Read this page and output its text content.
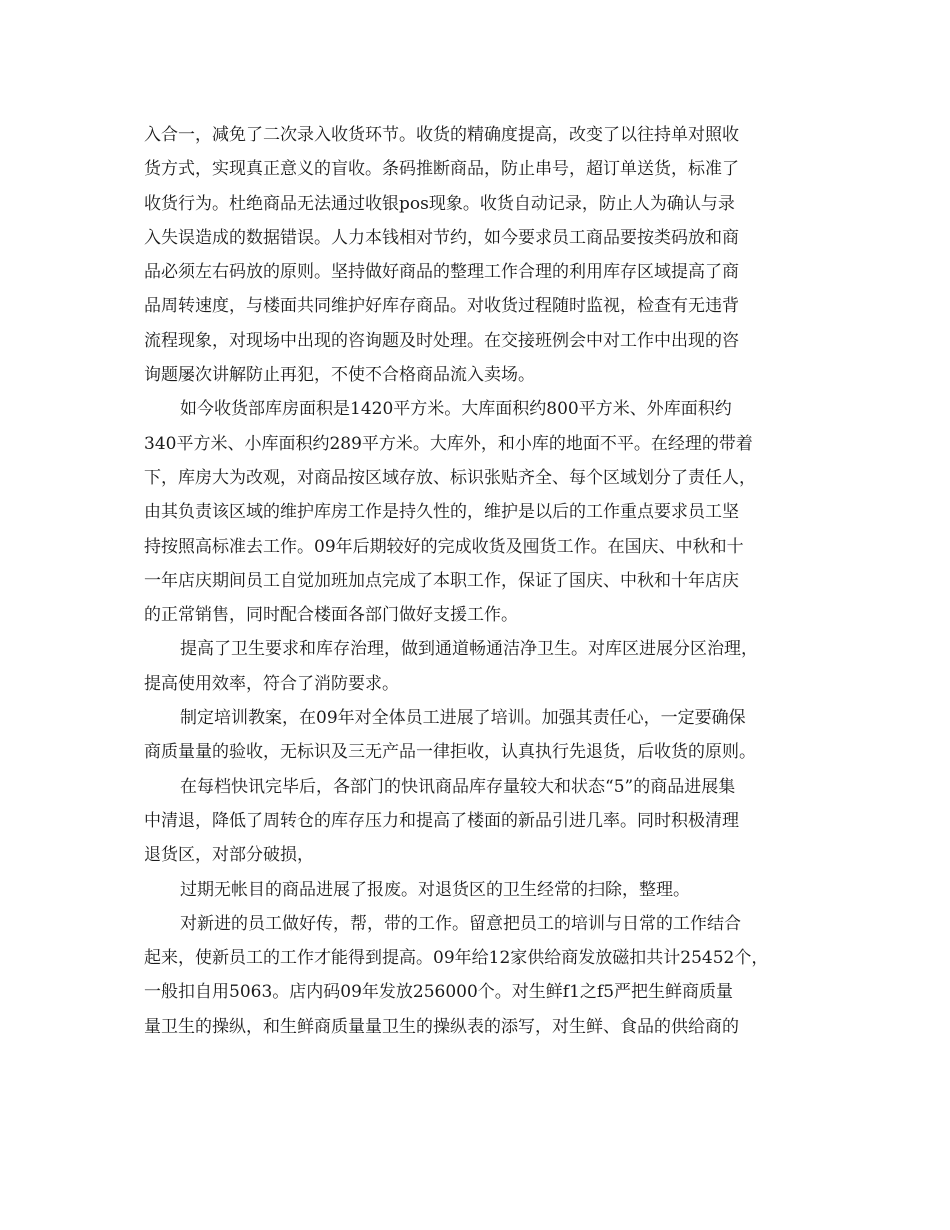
入合一，减免了二次录入收货环节。收货的精确度提高，改变了以往持单对照收
货方式，实现真正意义的盲收。条码推断商品，防止串号，超订单送货，标准了
收货行为。杜绝商品无法通过收银pos现象。收货自动记录，防止人为确认与录
入失误造成的数据错误。人力本钱相对节约，如今要求员工商品要按类码放和商
品必须左右码放的原则。坚持做好商品的整理工作合理的利用库存区域提高了商
品周转速度，与楼面共同维护好库存商品。对收货过程随时监视，检查有无违背
流程现象，对现场中出现的咨询题及时处理。在交接班例会中对工作中出现的咨
询题屡次讲解防止再犯，不使不合格商品流入卖场。
如今收货部库房面积是1420平方米。大库面积约800平方米、外库面积约
340平方米、小库面积约289平方米。大库外，和小库的地面不平。在经理的带着
下，库房大为改观，对商品按区域存放、标识张贴齐全、每个区域划分了责任人，
由其负责该区域的维护库房工作是持久性的，维护是以后的工作重点要求员工坚
持按照高标准去工作。09年后期较好的完成收货及囤货工作。在国庆、中秋和十
一年店庆期间员工自觉加班加点完成了本职工作，保证了国庆、中秋和十年店庆
的正常销售，同时配合楼面各部门做好支援工作。
提高了卫生要求和库存治理，做到通道畅通洁净卫生。对库区进展分区治理，
提高使用效率，符合了消防要求。
制定培训教案，在09年对全体员工进展了培训。加强其责任心，一定要确保
商质量量的验收，无标识及三无产品一律拒收，认真执行先退货，后收货的原则。
在每档快讯完毕后，各部门的快讯商品库存量较大和状态“5”的商品进展集
中清退，降低了周转仓的库存压力和提高了楼面的新品引进几率。同时积极清理
退货区，对部分破损，
过期无帐目的商品进展了报废。对退货区的卫生经常的扫除，整理。
对新进的员工做好传，帮，带的工作。留意把员工的培训与日常的工作结合
起来，使新员工的工作才能得到提高。09年给12家供给商发放磁扣共计25452个，
一般扣自用5063。店内码09年发放256000个。对生鲜f1之f5严把生鲜商质量
量卫生的操纵，和生鲜商质量量卫生的操纵表的添写，对生鲜、食品的供给商的
